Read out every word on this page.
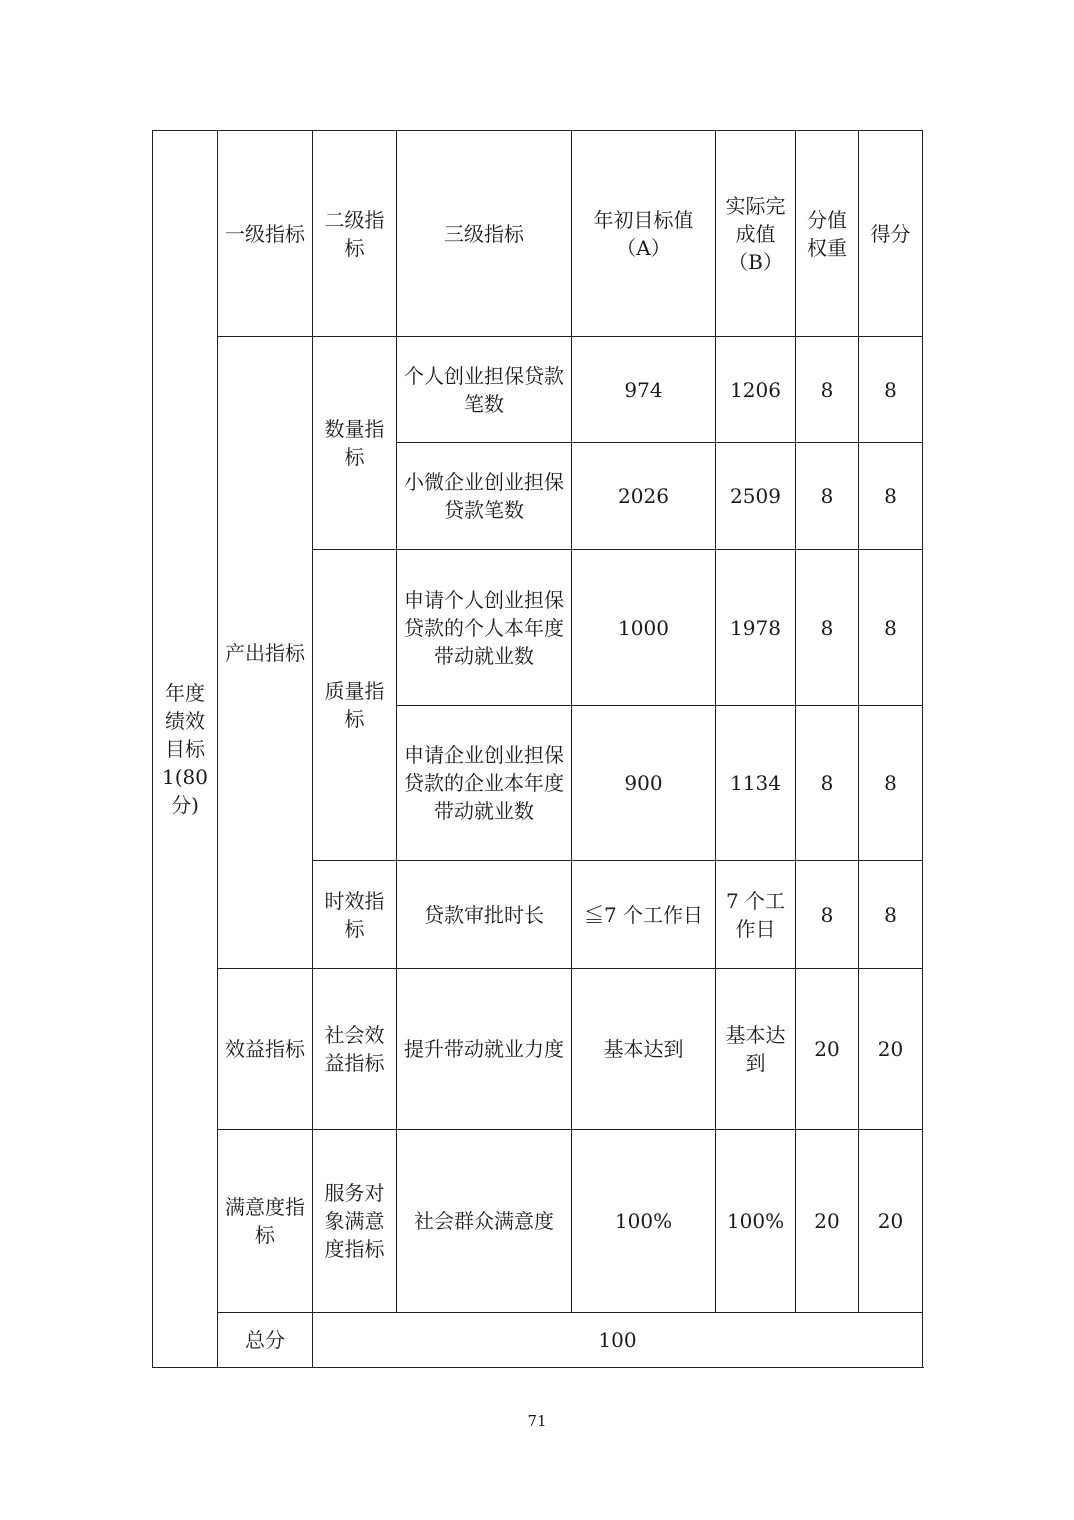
年度绩效目标1(80分)	一级指标	二级指标	三级指标	年初目标值（A）	实际完成值（B）	分值权重	得分
	产出指标	数量指标	个人创业担保贷款笔数	974	1206	8	8
			小微企业创业担保贷款笔数	2026	2509	8	8
		质量指标	申请个人创业担保贷款的个人本年度带动就业数	1000	1978	8	8
			申请企业创业担保贷款的企业本年度带动就业数	900	1134	8	8
		时效指标	贷款审批时长	≦7 个工作日	7 个工作日	8	8
	效益指标	社会效益指标	提升带动就业力度	基本达到	基本达到	20	20
	满意度指标	服务对象满意度指标	社会群众满意度	100%	100%	20	20
	总分	100					
71
